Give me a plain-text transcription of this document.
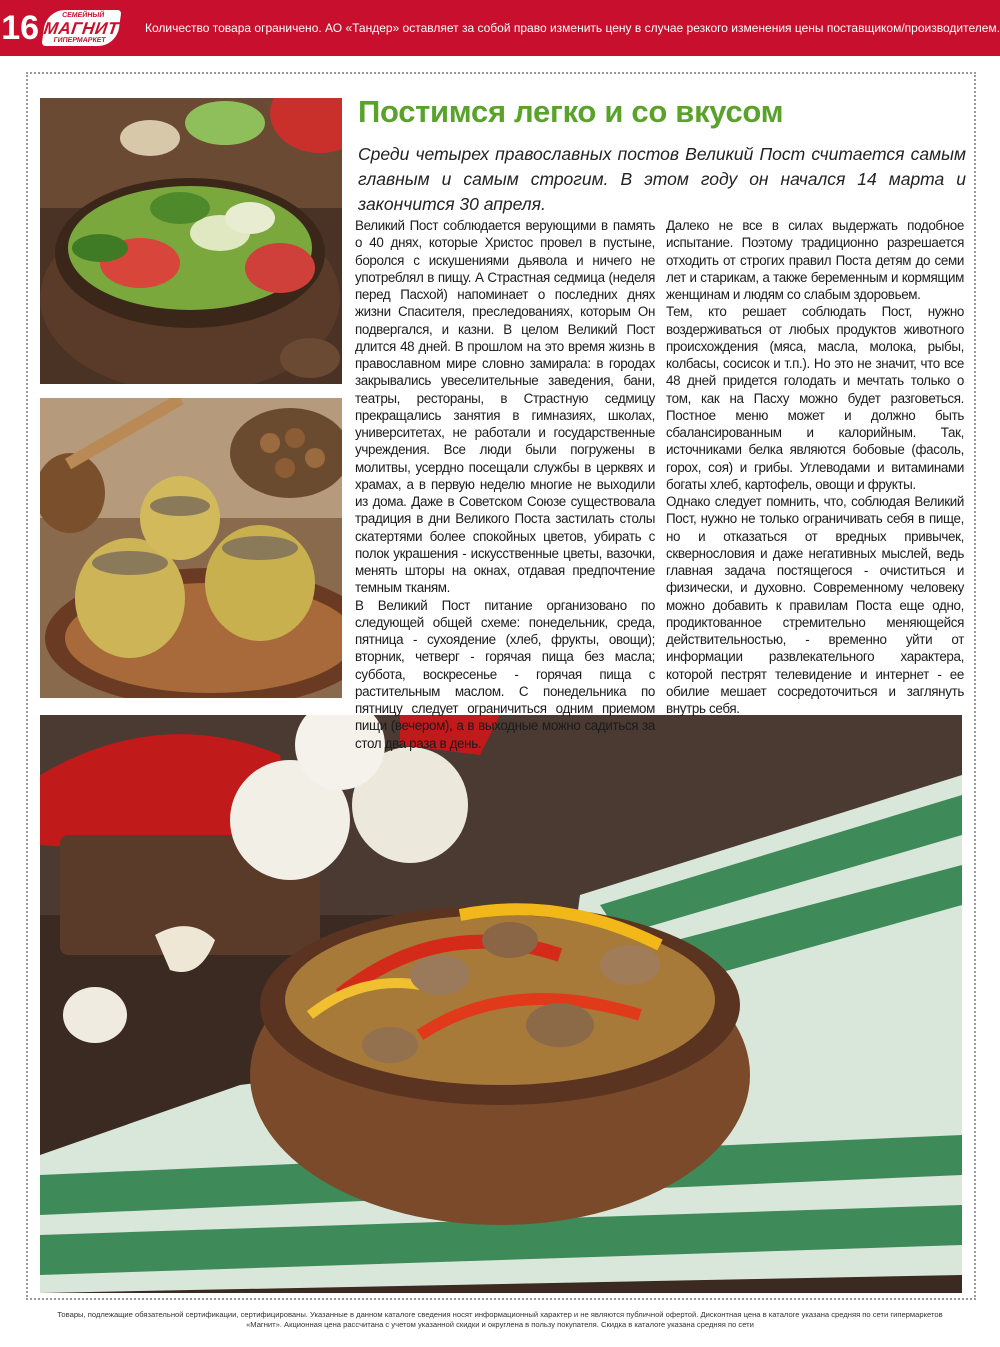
16	СЕМЕЙНЫЙ
МАГНИТ
ГИПЕРМАРКЕТ
Количество товара ограничено. АО «Тандер» оставляет за собой право изменить цену в случае резкого изменения цены поставщиком/производителем.
Постимся легко и со вкусом
Среди четырех православных постов Великий Пост считается самым главным и самым строгим. В этом году он начался 14 марта и закончится 30 апреля.

Великий Пост соблюдается верующими в память о 40 днях, которые Христос провел в пустыне, боролся с искушениями дьявола и ничего не употреблял в пищу. А Страстная седмица (неделя перед Пасхой) напоминает о последних днях жизни Спасителя, преследованиях, которым Он подвергался, и казни. В целом Великий Пост длится 48 дней. В прошлом на это время жизнь в православном мире словно замирала: в городах закрывались увеселительные заведения, бани, театры, рестораны, в Страстную седмицу прекращались занятия в гимназиях, школах, университетах, не работали и государственные учреждения. Все люди были погружены в молитвы, усердно посещали службы в церквях и храмах, а в первую неделю многие не выходили из дома. Даже в Советском Союзе существовала традиция в дни Великого Поста застилать столы скатертями более спокойных цветов, убирать с полок украшения - искусственные цветы, вазочки, менять шторы на окнах, отдавая предпочтение темным тканям.

В Великий Пост питание организовано по следующей общей схеме: понедельник, среда, пятница - сухоядение (хлеб, фрукты, овощи); вторник, четверг - горячая пища без масла; суббота, воскресенье - горячая пища с растительным маслом. С понедельника по пятницу следует ограничиться одним приемом пищи (вечером), а в выходные можно садиться за стол два раза в день.

Далеко не все в силах выдержать подобное испытание. Поэтому традиционно разрешается отходить от строгих правил Поста детям до семи лет и старикам, а также беременным и кормящим женщинам и людям со слабым здоровьем.

Тем, кто решает соблюдать Пост, нужно воздерживаться от любых продуктов животного происхождения (мяса, масла, молока, рыбы, колбасы, сосисок и т.п.). Но это не значит, что все 48 дней придется голодать и мечтать только о том, как на Пасху можно будет разговеться. Постное меню может и должно быть сбалансированным и калорийным. Так, источниками белка являются бобовые (фасоль, горох, соя) и грибы. Углеводами и витаминами богаты хлеб, картофель, овощи и фрукты.

Однако следует помнить, что, соблюдая Великий Пост, нужно не только ограничивать себя в пище, но и отказаться от вредных привычек, сквернословия и даже негативных мыслей, ведь главная задача постящегося - очиститься и физически, и духовно. Современному человеку можно добавить к правилам Поста еще одно, продиктованное стремительно меняющейся действительностью, - временно уйти от информации развлекательного характера, которой пестрят телевидение и интернет - ее обилие мешает сосредоточиться и заглянуть внутрь себя.

Товары, подлежащие обязательной сертификации, сертифицированы. Указанные в данном каталоге сведения носят информационный характер и не являются публичной офертой. Дисконтная цена в каталоге указана средняя по сети гипермаркетов «Магнит». Акционная цена рассчитана с учетом указанной скидки и округлена в пользу покупателя. Скидка в каталоге указана средняя по сети
